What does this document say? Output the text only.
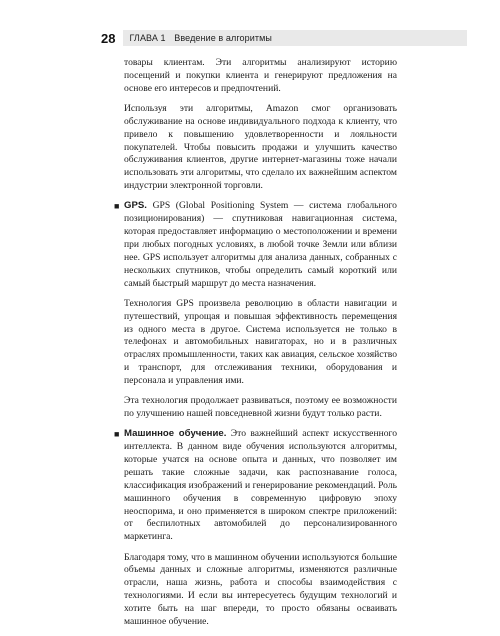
28	ГЛАВА 1 Введение в алгоритмы

товары клиентам. Эти алгоритмы анализируют историю посещений и покупки клиента и генерируют предложения на основе его интересов и предпочтений.

Используя эти алгоритмы, Amazon смог организовать обслуживание на основе индивидуального подхода к клиенту, что привело к повышению удовлетворенности и лояльности покупателей. Чтобы повысить продажи и улучшить качество обслуживания клиентов, другие интернет-магазины тоже начали использовать эти алгоритмы, что сделало их важнейшим аспектом индустрии электронной торговли.

■ GPS. GPS (Global Positioning System — система глобального позиционирования) — спутниковая навигационная система, которая предоставляет информацию о местоположении и времени при любых погодных условиях, в любой точке Земли или вблизи нее. GPS использует алгоритмы для анализа данных, собранных с нескольких спутников, чтобы определить самый короткий или самый быстрый маршрут до места назначения.

Технология GPS произвела революцию в области навигации и путешествий, упрощая и повышая эффективность перемещения из одного места в другое. Система используется не только в телефонах и автомобильных навигаторах, но и в различных отраслях промышленности, таких как авиация, сельское хозяйство и транспорт, для отслеживания техники, оборудования и персонала и управления ими.

Эта технология продолжает развиваться, поэтому ее возможности по улучшению нашей повседневной жизни будут только расти.

■ Машинное обучение. Это важнейший аспект искусственного интеллекта. В данном виде обучения используются алгоритмы, которые учатся на основе опыта и данных, что позволяет им решать такие сложные задачи, как распознавание голоса, классификация изображений и генерирование рекомендаций. Роль машинного обучения в современную цифровую эпоху неоспорима, и оно применяется в широком спектре приложений: от беспилотных автомобилей до персонализированного маркетинга.

Благодаря тому, что в машинном обучении используются большие объемы данных и сложные алгоритмы, изменяются различные отрасли, наша жизнь, работа и способы взаимодействия с технологиями. И если вы интересуетесь будущим технологий и хотите быть на шаг впереди, то просто обязаны осваивать машинное обучение.
